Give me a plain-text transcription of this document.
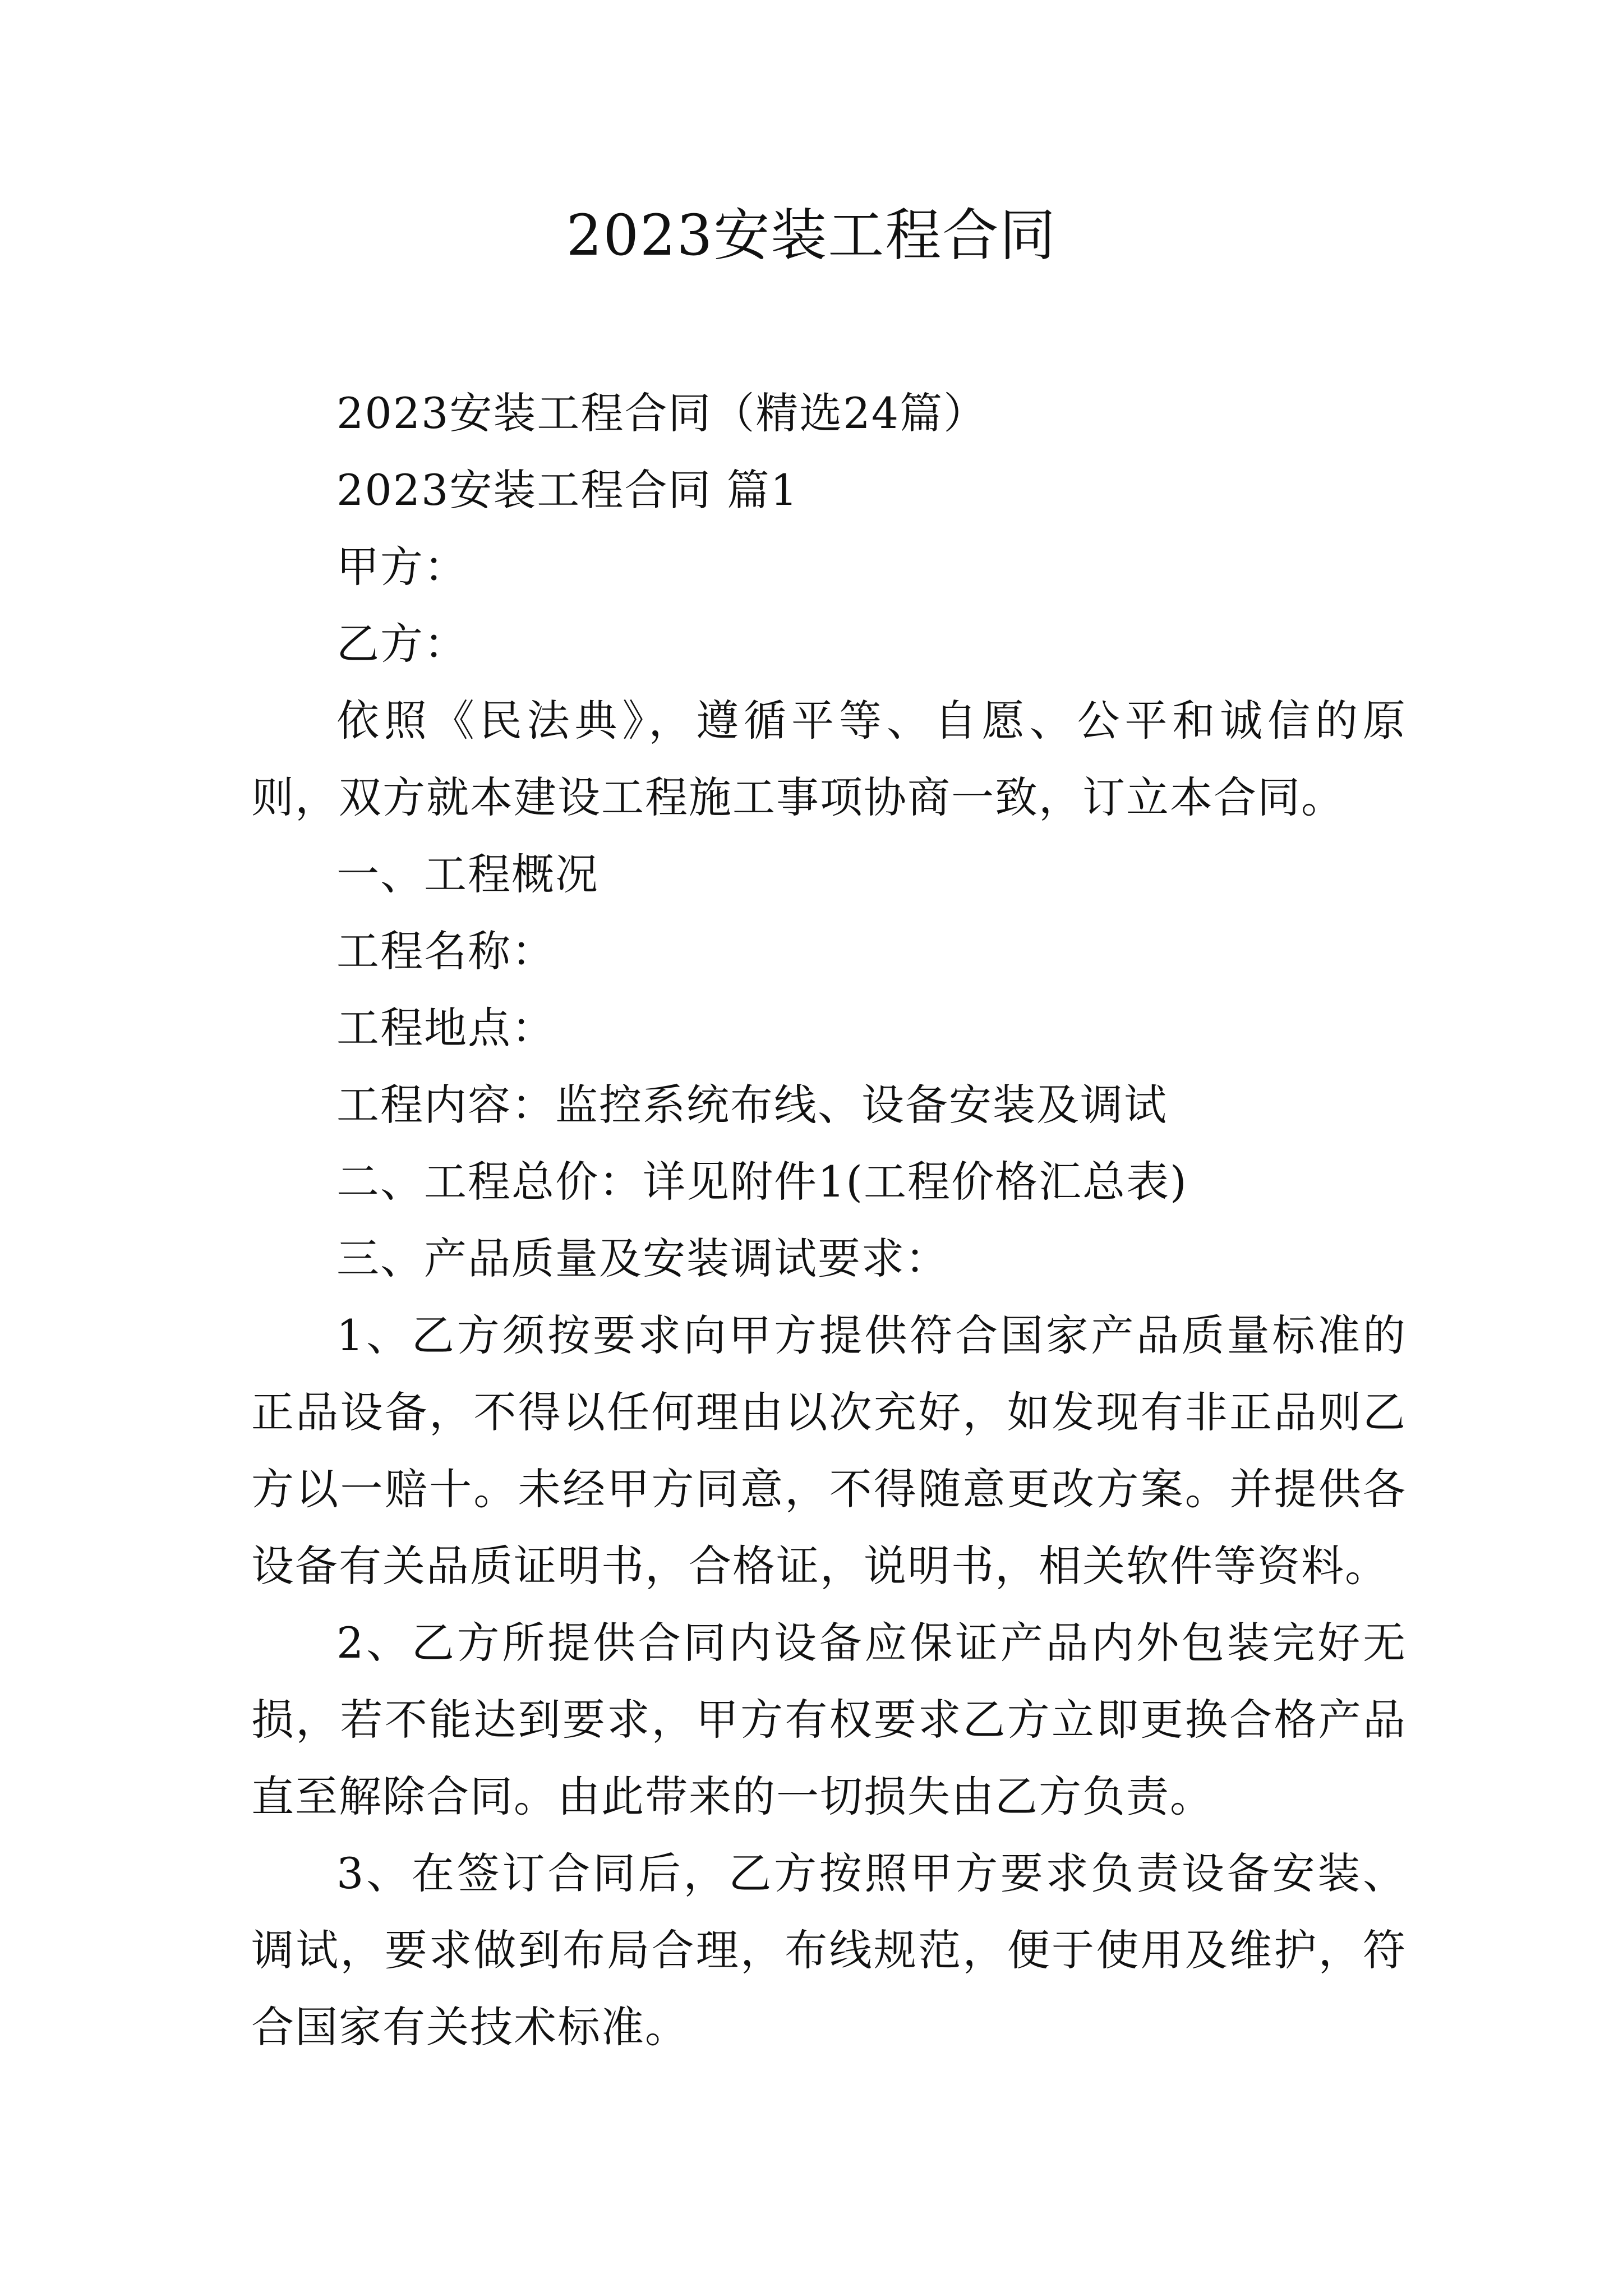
2023安装工程合同

2023安装工程合同（精选24篇）

2023安装工程合同 篇1

甲方：

乙方：

依照《民法典》，遵循平等、自愿、公平和诚信的原则，双方就本建设工程施工事项协商一致，订立本合同。

一、工程概况

工程名称：

工程地点：

工程内容：监控系统布线、设备安装及调试

二、工程总价：详见附件1(工程价格汇总表)

三、产品质量及安装调试要求：

1、乙方须按要求向甲方提供符合国家产品质量标准的正品设备，不得以任何理由以次充好，如发现有非正品则乙方以一赔十。未经甲方同意，不得随意更改方案。并提供各设备有关品质证明书，合格证，说明书，相关软件等资料。

2、乙方所提供合同内设备应保证产品内外包装完好无损，若不能达到要求，甲方有权要求乙方立即更换合格产品直至解除合同。由此带来的一切损失由乙方负责。

3、在签订合同后，乙方按照甲方要求负责设备安装、调试，要求做到布局合理，布线规范，便于使用及维护，符合国家有关技术标准。
